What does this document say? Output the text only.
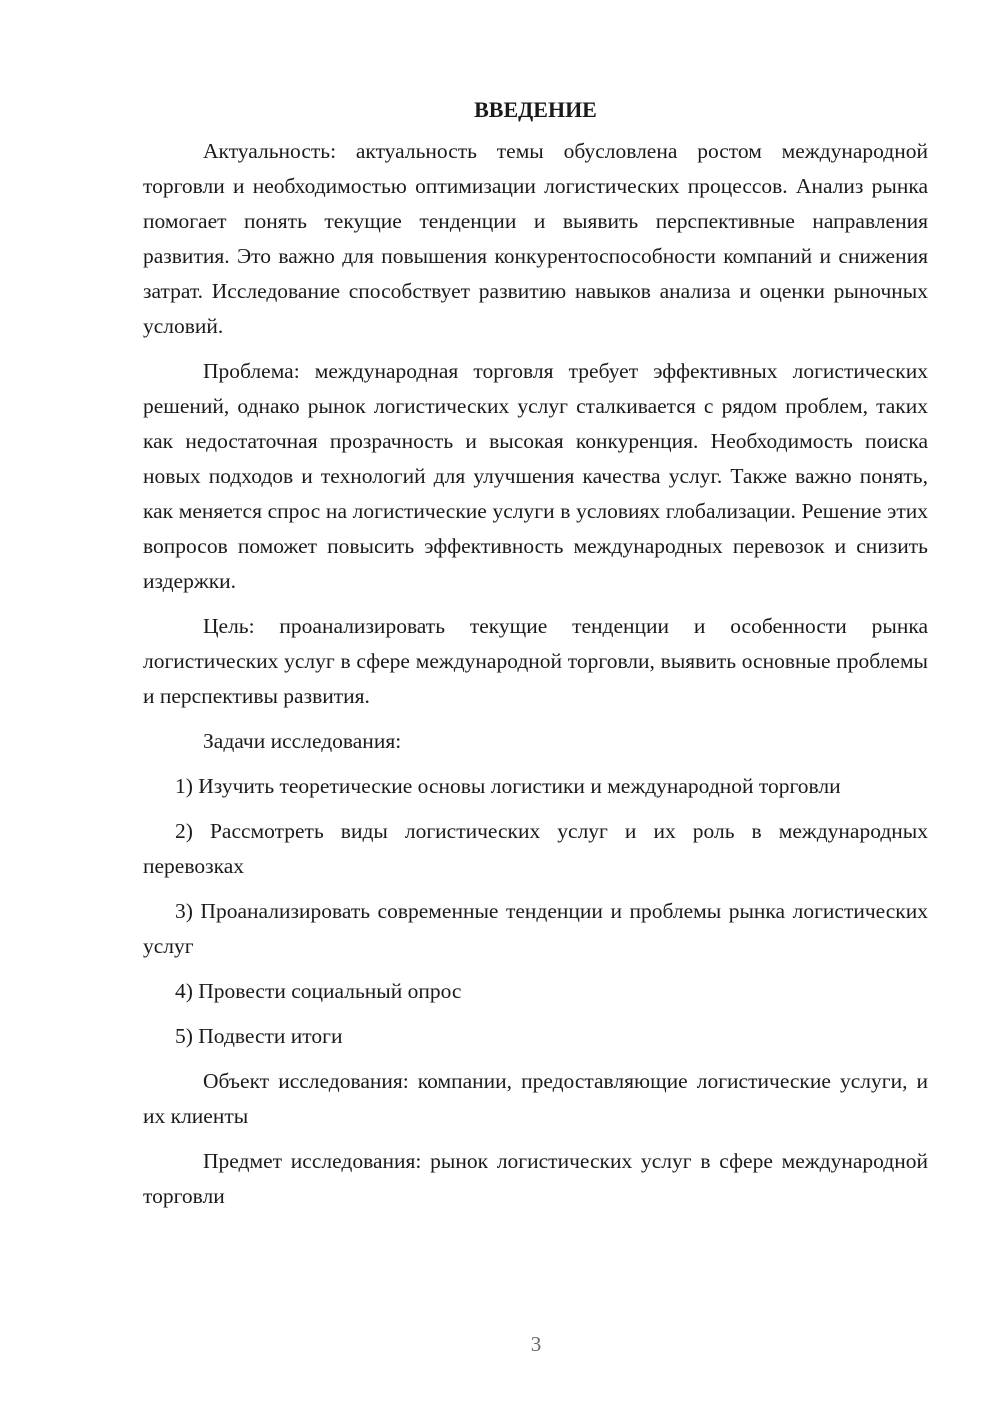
ВВЕДЕНИЕ

Актуальность: актуальность темы обусловлена ростом международной торговли и необходимостью оптимизации логистических процессов. Анализ рынка помогает понять текущие тенденции и выявить перспективные направления развития. Это важно для повышения конкурентоспособности компаний и снижения затрат. Исследование способствует развитию навыков анализа и оценки рыночных условий.

Проблема: международная торговля требует эффективных логистических решений, однако рынок логистических услуг сталкивается с рядом проблем, таких как недостаточная прозрачность и высокая конкуренция. Необходимость поиска новых подходов и технологий для улучшения качества услуг. Также важно понять, как меняется спрос на логистические услуги в условиях глобализации. Решение этих вопросов поможет повысить эффективность международных перевозок и снизить издержки.

Цель: проанализировать текущие тенденции и особенности рынка логистических услуг в сфере международной торговли, выявить основные проблемы и перспективы развития.

Задачи исследования:

1) Изучить теоретические основы логистики и международной торговли

2) Рассмотреть виды логистических услуг и их роль в международных перевозках

3) Проанализировать современные тенденции и проблемы рынка логистических услуг

4) Провести социальный опрос

5) Подвести итоги

Объект исследования: компании, предоставляющие логистические услуги, и их клиенты

Предмет исследования: рынок логистических услуг в сфере международной торговли

3
